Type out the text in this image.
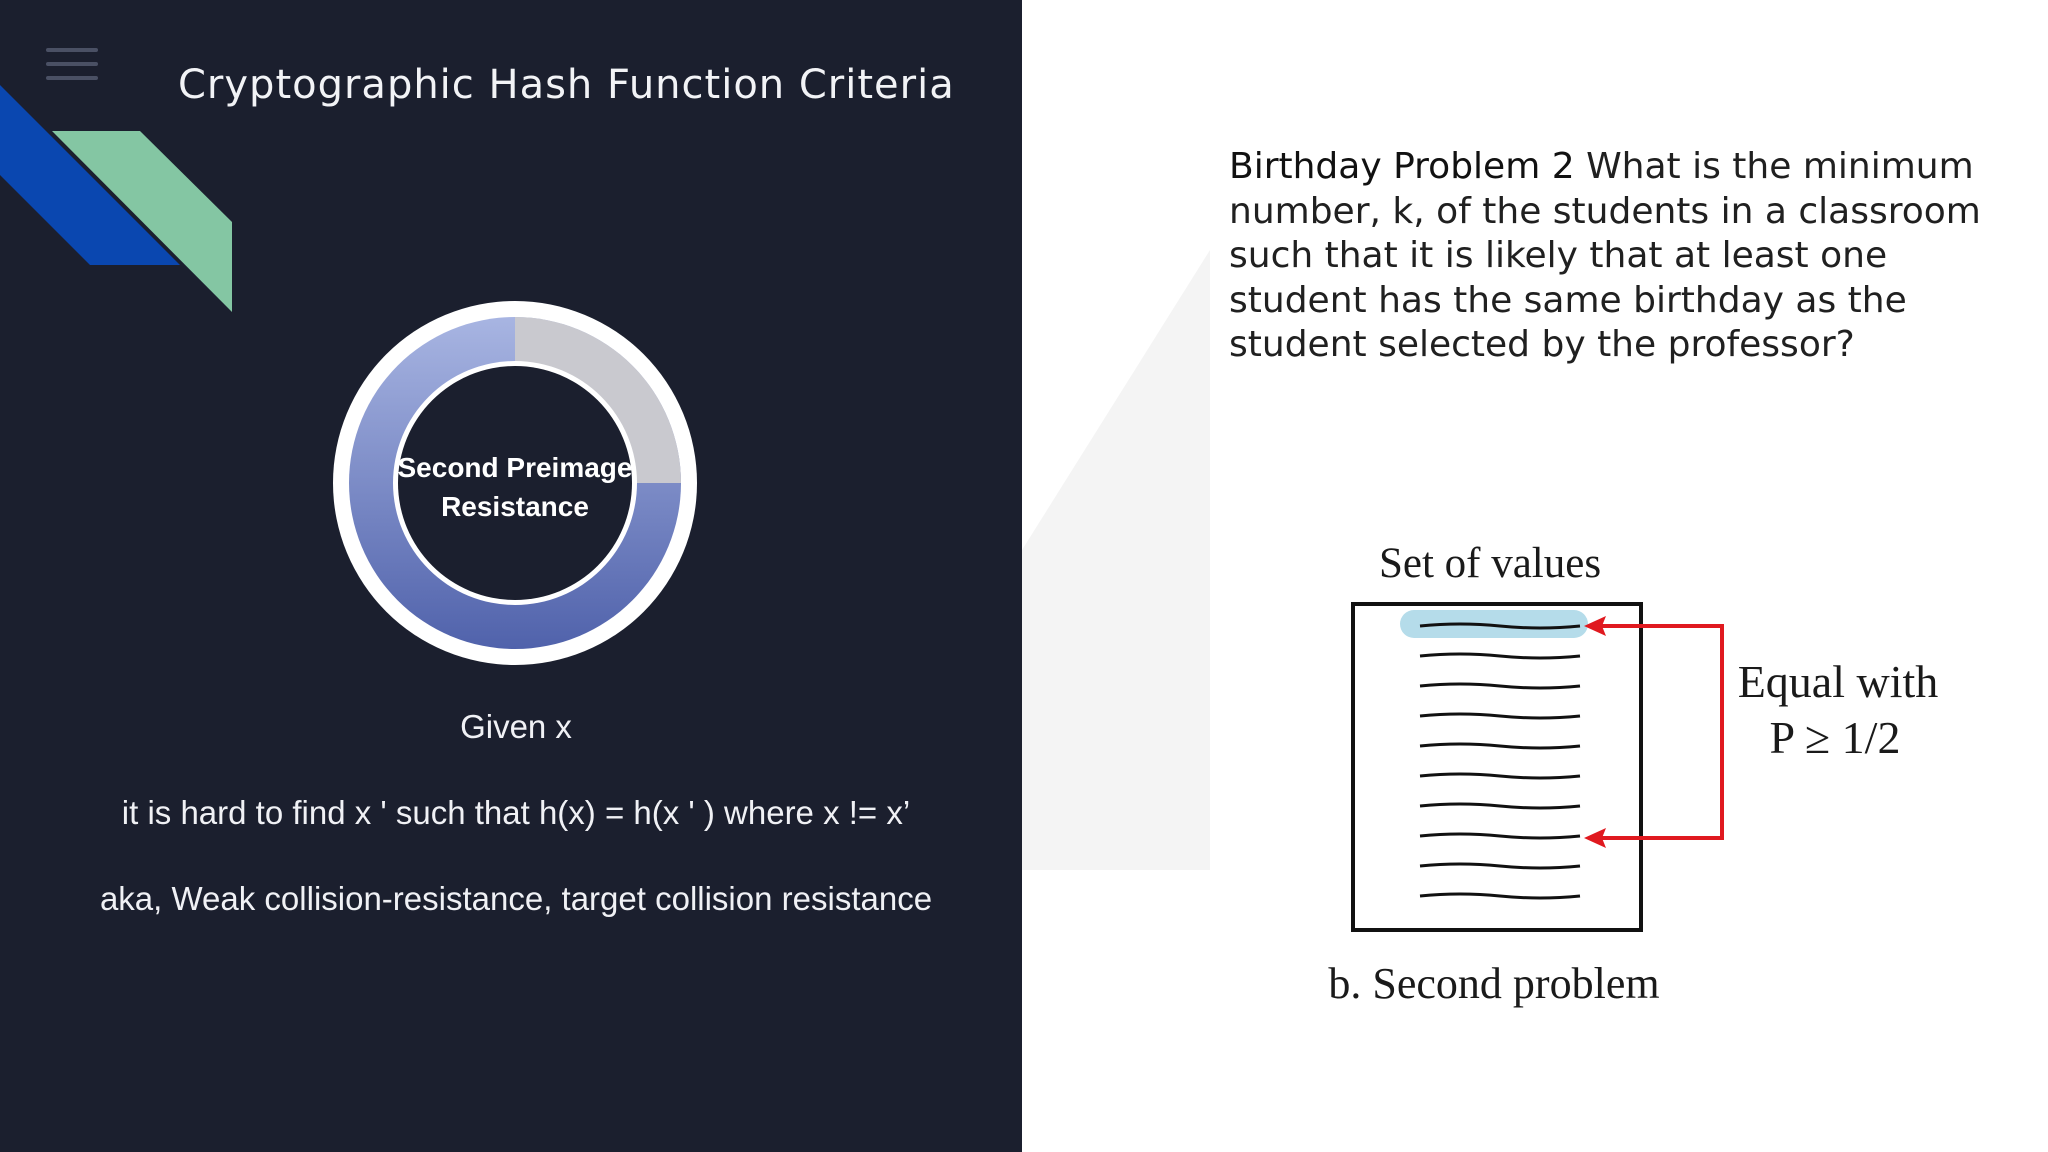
Cryptographic Hash Function Criteria
Second Preimage
Resistance
Given x
it is hard to find x ' such that h(x) = h(x ' ) where x != x’
aka, Weak collision-resistance, target collision resistance
Birthday Problem 2 What is the minimum number, k, of the students in a classroom such that it is likely that at least one student has the same birthday as the student selected by the professor?
Set of values
Equal with
P ≥ 1/2
b. Second problem
